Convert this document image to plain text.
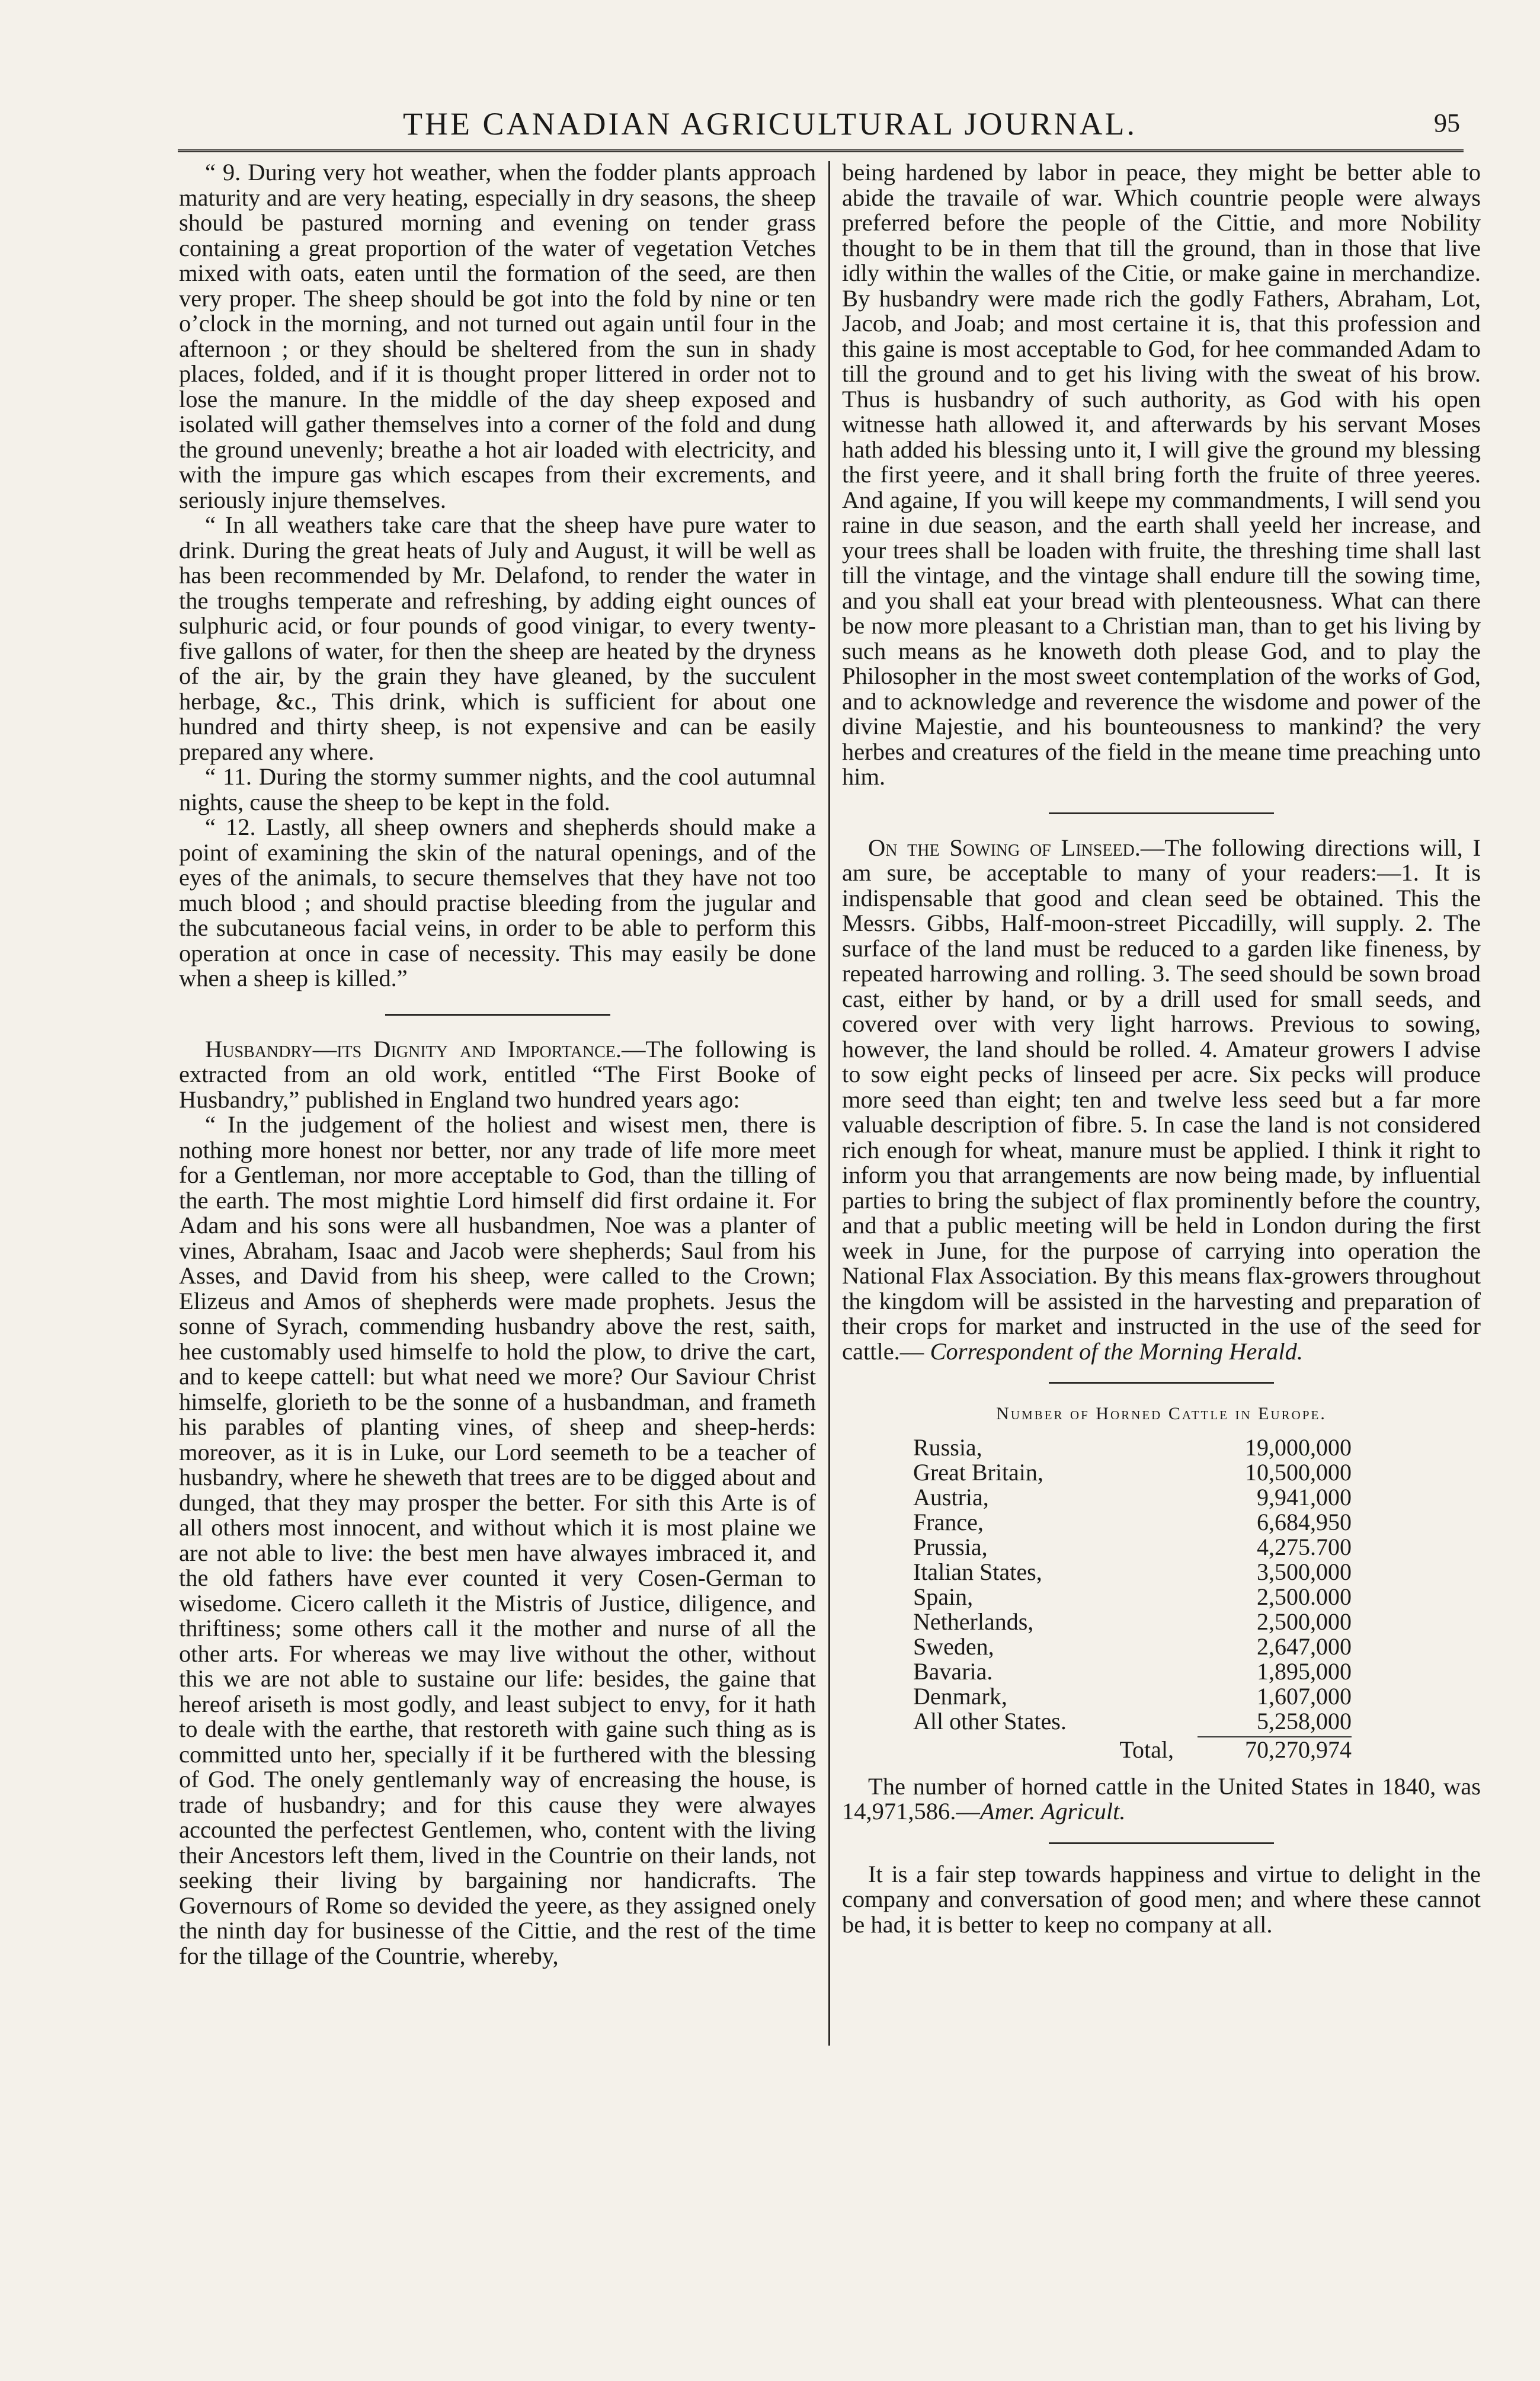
THE CANADIAN AGRICULTURAL JOURNAL.	95

“ 9. During very hot weather, when the fodder plants approach maturity and are very heating, especially in dry seasons, the sheep should be pastured morning and evening on tender grass containing a great proportion of the water of vegetation Vetches mixed with oats, eaten until the formation of the seed, are then very proper. The sheep should be got into the fold by nine or ten o’clock in the morning, and not turned out again until four in the afternoon ; or they should be sheltered from the sun in shady places, folded, and if it is thought proper littered in order not to lose the manure. In the middle of the day sheep exposed and isolated will gather themselves into a corner of the fold and dung the ground unevenly; breathe a hot air loaded with electricity, and with the impure gas which escapes from their excrements, and seriously injure themselves.

“ In all weathers take care that the sheep have pure water to drink. During the great heats of July and August, it will be well as has been recommended by Mr. Delafond, to render the water in the troughs temperate and refreshing, by adding eight ounces of sulphuric acid, or four pounds of good vinigar, to every twenty-five gallons of water, for then the sheep are heated by the dryness of the air, by the grain they have gleaned, by the succulent herbage, &c., This drink, which is sufficient for about one hundred and thirty sheep, is not expensive and can be easily prepared any where.

“ 11. During the stormy summer nights, and the cool autumnal nights, cause the sheep to be kept in the fold.

“ 12. Lastly, all sheep owners and shepherds should make a point of examining the skin of the natural openings, and of the eyes of the animals, to secure themselves that they have not too much blood ; and should practise bleeding from the jugular and the subcutaneous facial veins, in order to be able to perform this operation at once in case of necessity. This may easily be done when a sheep is killed.”

Husbandry—its Dignity and Importance.—The following is extracted from an old work, entitled “The First Booke of Husbandry,” published in England two hundred years ago:

“ In the judgement of the holiest and wisest men, there is nothing more honest nor better, nor any trade of life more meet for a Gentleman, nor more acceptable to God, than the tilling of the earth. The most mightie Lord himself did first ordaine it. For Adam and his sons were all husbandmen, Noe was a planter of vines, Abraham, Isaac and Jacob were shepherds; Saul from his Asses, and David from his sheep, were called to the Crown; Elizeus and Amos of shepherds were made prophets. Jesus the sonne of Syrach, commending husbandry above the rest, saith, hee customably used himselfe to hold the plow, to drive the cart, and to keepe cattell: but what need we more? Our Saviour Christ himselfe, glorieth to be the sonne of a husbandman, and frameth his parables of planting vines, of sheep and sheep-herds: moreover, as it is in Luke, our Lord seemeth to be a teacher of husbandry, where he sheweth that trees are to be digged about and dunged, that they may prosper the better. For sith this Arte is of all others most innocent, and without which it is most plaine we are not able to live: the best men have alwayes imbraced it, and the old fathers have ever counted it very Cosen-German to wisedome. Cicero calleth it the Mistris of Justice, diligence, and thriftiness; some others call it the mother and nurse of all the other arts. For whereas we may live without the other, without this we are not able to sustaine our life: besides, the gaine that hereof ariseth is most godly, and least subject to envy, for it hath to deale with the earthe, that restoreth with gaine such thing as is committed unto her, specially if it be furthered with the blessing of God. The onely gentlemanly way of encreasing the house, is trade of husbandry; and for this cause they were alwayes accounted the perfectest Gentlemen, who, content with the living their Ancestors left them, lived in the Countrie on their lands, not seeking their living by bargaining nor handicrafts. The Governours of Rome so devided the yeere, as they assigned onely the ninth day for businesse of the Cittie, and the rest of the time for the tillage of the Countrie, whereby,

being hardened by labor in peace, they might be better able to abide the travaile of war. Which countrie people were always preferred before the people of the Cittie, and more Nobility thought to be in them that till the ground, than in those that live idly within the walles of the Citie, or make gaine in merchandize. By husbandry were made rich the godly Fathers, Abraham, Lot, Jacob, and Joab; and most certaine it is, that this profession and this gaine is most acceptable to God, for hee commanded Adam to till the ground and to get his living with the sweat of his brow. Thus is husbandry of such authority, as God with his open witnesse hath allowed it, and afterwards by his servant Moses hath added his blessing unto it, I will give the ground my blessing the first yeere, and it shall bring forth the fruite of three yeeres. And againe, If you will keepe my commandments, I will send you raine in due season, and the earth shall yeeld her increase, and your trees shall be loaden with fruite, the threshing time shall last till the vintage, and the vintage shall endure till the sowing time, and you shall eat your bread with plenteousness. What can there be now more pleasant to a Christian man, than to get his living by such means as he knoweth doth please God, and to play the Philosopher in the most sweet contemplation of the works of God, and to acknowledge and reverence the wisdome and power of the divine Majestie, and his bounteousness to mankind? the very herbes and creatures of the field in the meane time preaching unto him.

On the Sowing of Linseed.—The following directions will, I am sure, be acceptable to many of your readers:—1. It is indispensable that good and clean seed be obtained. This the Messrs. Gibbs, Half-moon-street Piccadilly, will supply. 2. The surface of the land must be reduced to a garden like fineness, by repeated harrowing and rolling. 3. The seed should be sown broad cast, either by hand, or by a drill used for small seeds, and covered over with very light harrows. Previous to sowing, however, the land should be rolled. 4. Amateur growers I advise to sow eight pecks of linseed per acre. Six pecks will produce more seed than eight; ten and twelve less seed but a far more valuable description of fibre. 5. In case the land is not considered rich enough for wheat, manure must be applied. I think it right to inform you that arrangements are now being made, by influential parties to bring the subject of flax prominently before the country, and that a public meeting will be held in London during the first week in June, for the purpose of carrying into operation the National Flax Association. By this means flax-growers throughout the kingdom will be assisted in the harvesting and preparation of their crops for market and instructed in the use of the seed for cattle.— Correspondent of the Morning Herald.

Number of Horned Cattle in Europe.
Russia,	19,000,000
Great Britain,	10,500,000
Austria,	9,941,000
France,	6,684,950
Prussia,	4,275.700
Italian States,	3,500,000
Spain,	2,500.000
Netherlands,	2,500,000
Sweden,	2,647,000
Bavaria.	1,895,000
Denmark,	1,607,000
All other States.	5,258,000
Total,	70,270,974

The number of horned cattle in the United States in 1840, was 14,971,586.—Amer. Agricult.

It is a fair step towards happiness and virtue to delight in the company and conversation of good men; and where these cannot be had, it is better to keep no company at all.
